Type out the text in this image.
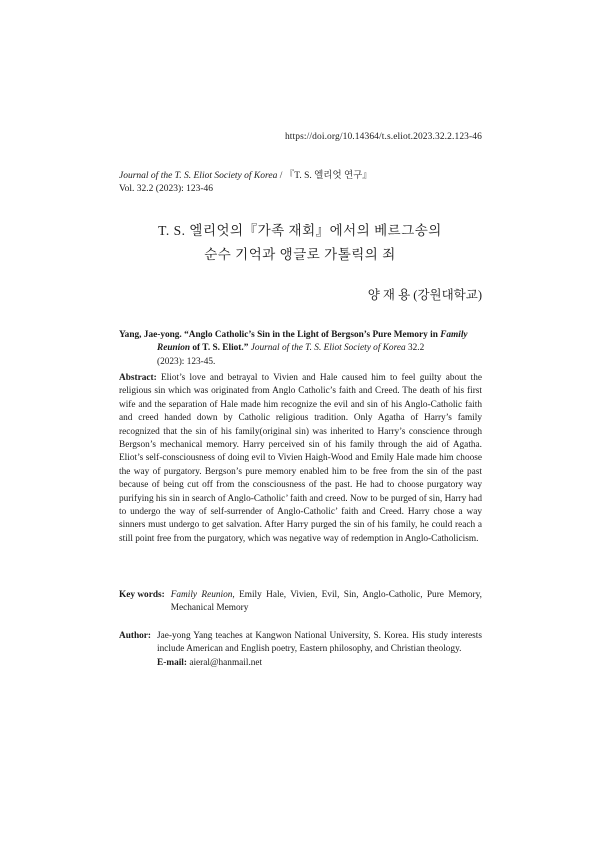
https://doi.org/10.14364/t.s.eliot.2023.32.2.123-46
Journal of the T. S. Eliot Society of Korea / 『T. S. 엘리엇 연구』
Vol. 32.2 (2023): 123-46
T. S. 엘리엇의『가족 재회』에서의 베르그송의
순수 기억과 앵글로 가톨릭의 죄
양 재 용 (강원대학교)
Yang, Jae-yong. “Anglo Catholic’s Sin in the Light of Bergson’s Pure Memory in Family
Reunion of T. S. Eliot.” Journal of the T. S. Eliot Society of Korea 32.2
(2023): 123-45.
Abstract: Eliot’s love and betrayal to Vivien and Hale caused him to feel guilty about the religious sin which was originated from Anglo Catholic’s faith and Creed. The death of his first wife and the separation of Hale made him recognize the evil and sin of his Anglo-Catholic faith and creed handed down by Catholic religious tradition. Only Agatha of Harry’s family recognized that the sin of his family(original sin) was inherited to Harry’s conscience through Bergson’s mechanical memory. Harry perceived sin of his family through the aid of Agatha. Eliot’s self-consciousness of doing evil to Vivien Haigh-Wood and Emily Hale made him choose the way of purgatory. Bergson’s pure memory enabled him to be free from the sin of the past because of being cut off from the consciousness of the past. He had to choose purgatory way purifying his sin in search of Anglo-Catholic’ faith and creed. Now to be purged of sin, Harry had to undergo the way of self-surrender of Anglo-Catholic’ faith and Creed. Harry chose a way sinners must undergo to get salvation. After Harry purged the sin of his family, he could reach a still point free from the purgatory, which was negative way of redemption in Anglo-Catholicism.
Key words: Family Reunion, Emily Hale, Vivien, Evil, Sin, Anglo-Catholic, Pure Memory, Mechanical Memory
Author: Jae-yong Yang teaches at Kangwon National University, S. Korea. His study interests include American and English poetry, Eastern philosophy, and Christian theology.
E-mail: aieral@hanmail.net
